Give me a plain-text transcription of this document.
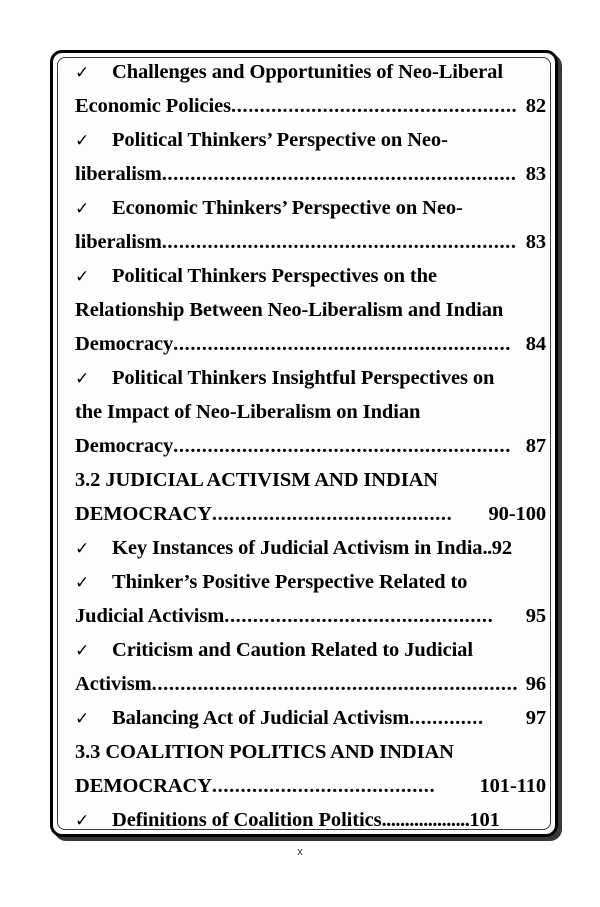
✓	Challenges and Opportunities of Neo-Liberal
Economic Policies .................................................. 82
✓	Political Thinkers’ Perspective on Neo-
liberalism .............................................................. 83
✓	Economic Thinkers’ Perspective on Neo-
liberalism .............................................................. 83
✓	Political Thinkers Perspectives on the
Relationship Between Neo-Liberalism and Indian
Democracy ........................................................... 84
✓	Political Thinkers Insightful Perspectives on
the Impact of Neo-Liberalism on Indian
Democracy ........................................................... 87
3.2 JUDICIAL ACTIVISM AND INDIAN
DEMOCRACY ..........................................	90-100
✓	Key Instances of Judicial Activism in India .. 92
✓	Thinker’s Positive Perspective Related to
Judicial Activism ...............................................	95
✓	Criticism and Caution Related to Judicial
Activism ................................................................ 96
✓	Balancing Act of Judicial Activism .............	97
3.3 COALITION POLITICS AND INDIAN
DEMOCRACY .......................................	101-110
✓	Definitions of Coalition Politics ................... 101
x
